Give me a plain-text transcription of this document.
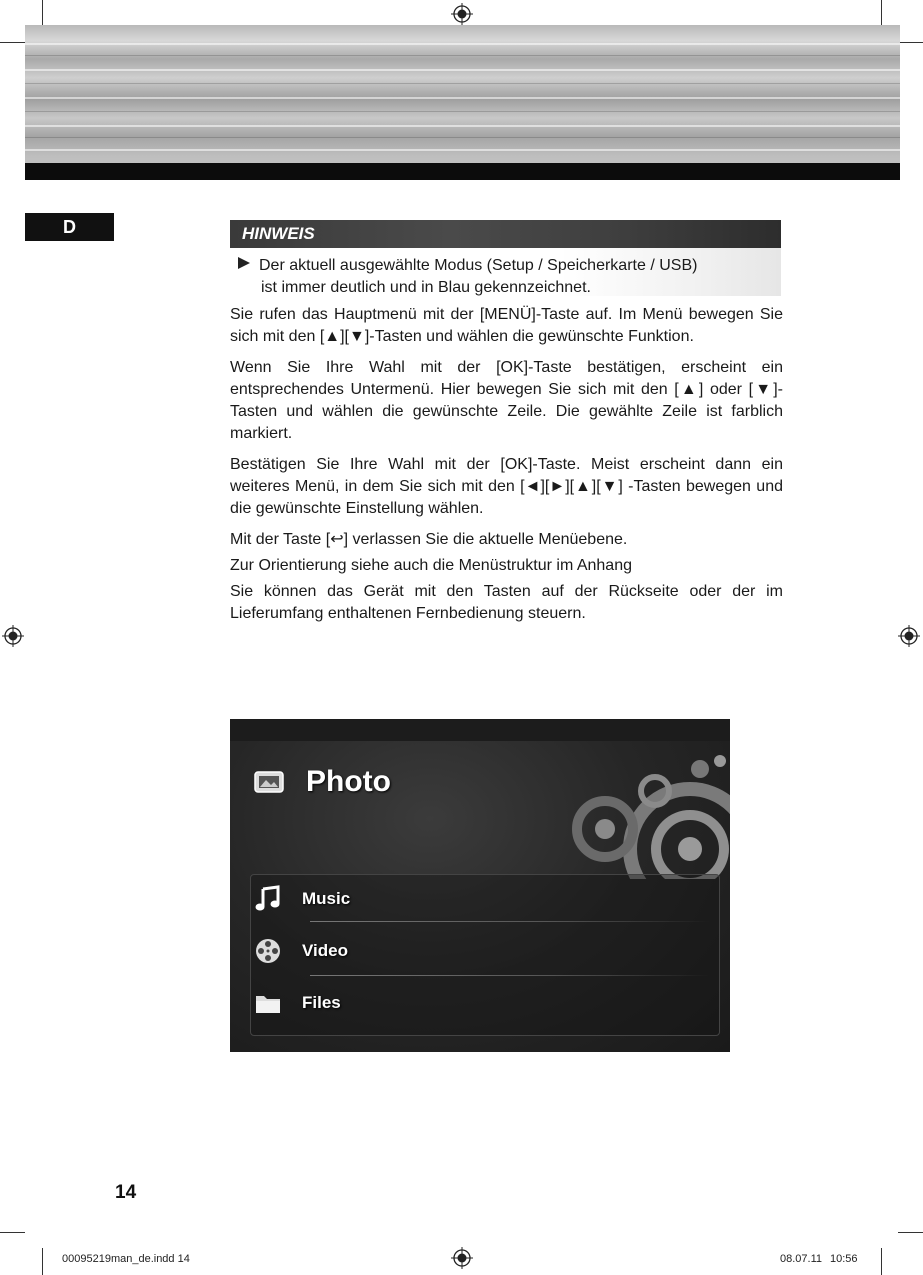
D	HINWEIS
Der aktuell ausgewählte Modus (Setup / Speicherkarte / USB)
ist immer deutlich und in Blau gekennzeichnet.

Sie rufen das Hauptmenü mit der [MENÜ]-Taste auf. Im Menü bewegen Sie sich mit den [▲][▼]-Tasten und wählen die gewünschte Funktion.

Wenn Sie Ihre Wahl mit der [OK]-Taste bestätigen, erscheint ein entsprechendes Untermenü. Hier bewegen Sie sich mit den [▲] oder [▼]-Tasten und wählen die gewünschte Zeile. Die gewählte Zeile ist farblich markiert.

Bestätigen Sie Ihre Wahl mit der [OK]-Taste. Meist erscheint dann ein weiteres Menü, in dem Sie sich mit den [◄][►][▲][▼] -Tasten bewegen und die gewünschte Einstellung wählen.

Mit der Taste [↩] verlassen Sie die aktuelle Menüebene.

Zur Orientierung siehe auch die Menüstruktur im Anhang

Sie können das Gerät mit den Tasten auf der Rückseite oder der im Lieferumfang enthaltenen Fernbedienung steuern.

Photo
Music
Video
Files
14
00095219man_de.indd 14	08.07.11 10:56
